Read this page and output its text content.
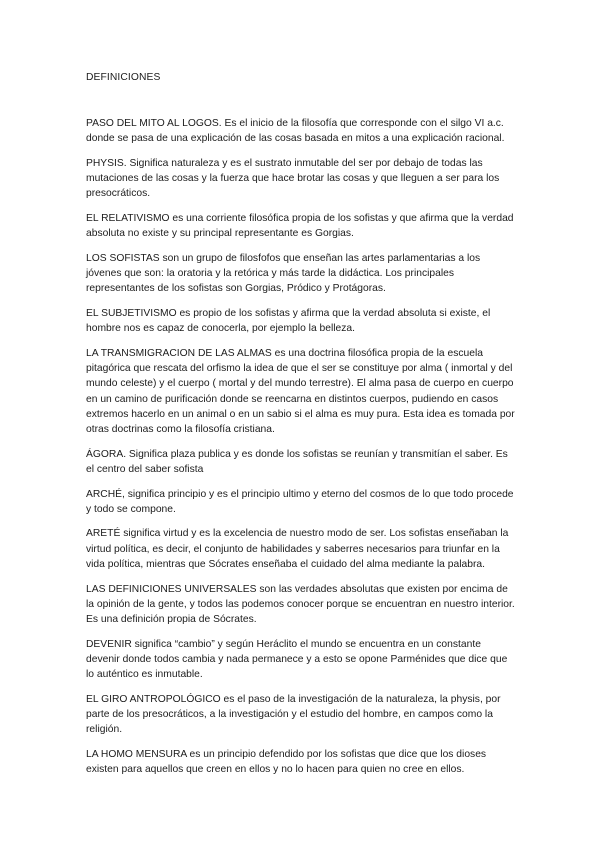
DEFINICIONES

PASO DEL MITO AL LOGOS. Es el inicio de la filosofía que corresponde con el silgo VI a.c. donde se pasa de una explicación de las cosas basada en mitos a una explicación racional.

PHYSIS. Significa naturaleza y es el sustrato inmutable del ser por debajo de todas las mutaciones de las cosas y la fuerza que hace brotar las cosas y que lleguen a ser para los presocráticos.

EL RELATIVISMO es una corriente filosófica propia de los sofistas y que afirma que la verdad absoluta no existe y su principal representante es Gorgias.

LOS SOFISTAS son un grupo de filosfofos que enseñan las artes parlamentarias a los jóvenes que son: la oratoria y la retórica y más tarde la didáctica. Los principales representantes de los sofistas son Gorgias, Pródico y Protágoras.

EL SUBJETIVISMO es propio de los sofistas y afirma que la verdad absoluta si existe, el hombre nos es capaz de conocerla, por ejemplo la belleza.

LA TRANSMIGRACION DE LAS ALMAS es una doctrina filosófica propia de la escuela pitagórica que rescata del orfismo la idea de que el ser se constituye por alma ( inmortal y del mundo celeste) y el cuerpo ( mortal y del mundo terrestre). El alma pasa de cuerpo en cuerpo en un camino de purificación donde se reencarna en distintos cuerpos, pudiendo en casos extremos hacerlo en un animal o en un sabio si el alma es muy pura. Esta idea es tomada por otras doctrinas como la filosofía cristiana.

ÁGORA. Significa plaza publica y es donde los sofistas se reunían y transmitían el saber. Es el centro del saber sofista

ARCHÉ, significa principio y es el principio ultimo y eterno del cosmos de lo que todo procede y todo se compone.

ARETÉ significa virtud y es la excelencia de nuestro modo de ser. Los sofistas enseñaban la virtud política, es decir, el conjunto de habilidades y saberres necesarios para triunfar en la vida política, mientras que Sócrates enseñaba el cuidado del alma mediante la palabra.

LAS DEFINICIONES UNIVERSALES son las verdades absolutas que existen por encima de la opinión de la gente, y todos las podemos conocer porque se encuentran en nuestro interior. Es una definición propia de Sócrates.

DEVENIR significa “cambio” y según Heráclito el mundo se encuentra en un constante devenir donde todos cambia y nada permanece y a esto se opone Parménides que dice que lo auténtico es inmutable.

EL GIRO ANTROPOLÓGICO es el paso de la investigación de la naturaleza, la physis, por parte de los presocráticos, a la investigación y el estudio del hombre, en campos como la religión.

LA HOMO MENSURA es un principio defendido por los sofistas que dice que los dioses existen para aquellos que creen en ellos y no lo hacen para quien no cree en ellos.
